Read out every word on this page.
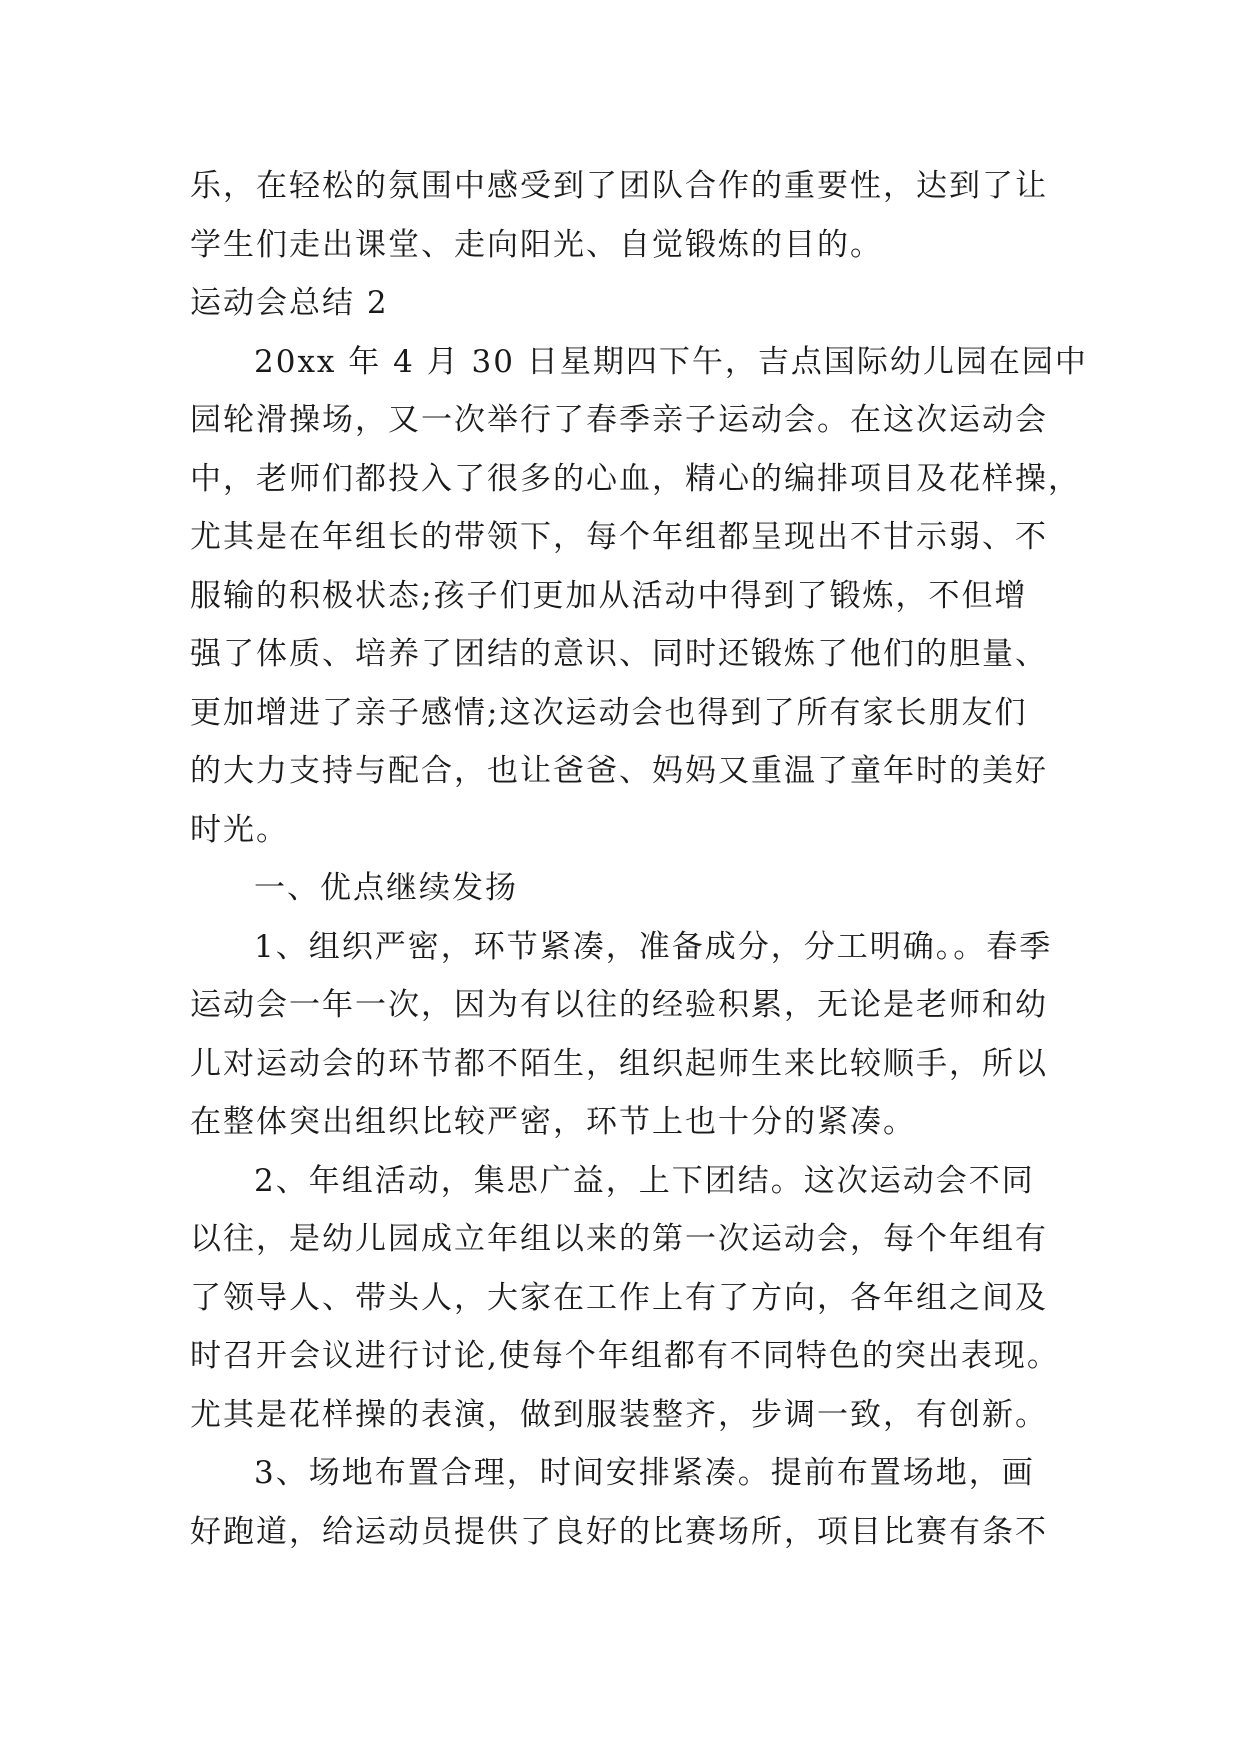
乐，在轻松的氛围中感受到了团队合作的重要性，达到了让
学生们走出课堂、走向阳光、自觉锻炼的目的。
运动会总结 2
20xx 年 4 月 30 日星期四下午，吉点国际幼儿园在园中
园轮滑操场，又一次举行了春季亲子运动会。在这次运动会
中，老师们都投入了很多的心血，精心的编排项目及花样操，
尤其是在年组长的带领下，每个年组都呈现出不甘示弱、不
服输的积极状态;孩子们更加从活动中得到了锻炼，不但增
强了体质、培养了团结的意识、同时还锻炼了他们的胆量、
更加增进了亲子感情;这次运动会也得到了所有家长朋友们
的大力支持与配合，也让爸爸、妈妈又重温了童年时的美好
时光。
一、优点继续发扬
1、组织严密，环节紧凑，准备成分，分工明确。。春季
运动会一年一次，因为有以往的经验积累，无论是老师和幼
儿对运动会的环节都不陌生，组织起师生来比较顺手，所以
在整体突出组织比较严密，环节上也十分的紧凑。
2、年组活动，集思广益，上下团结。这次运动会不同
以往，是幼儿园成立年组以来的第一次运动会，每个年组有
了领导人、带头人，大家在工作上有了方向，各年组之间及
时召开会议进行讨论,使每个年组都有不同特色的突出表现。
尤其是花样操的表演，做到服装整齐，步调一致，有创新。
3、场地布置合理，时间安排紧凑。提前布置场地，画
好跑道，给运动员提供了良好的比赛场所，项目比赛有条不
